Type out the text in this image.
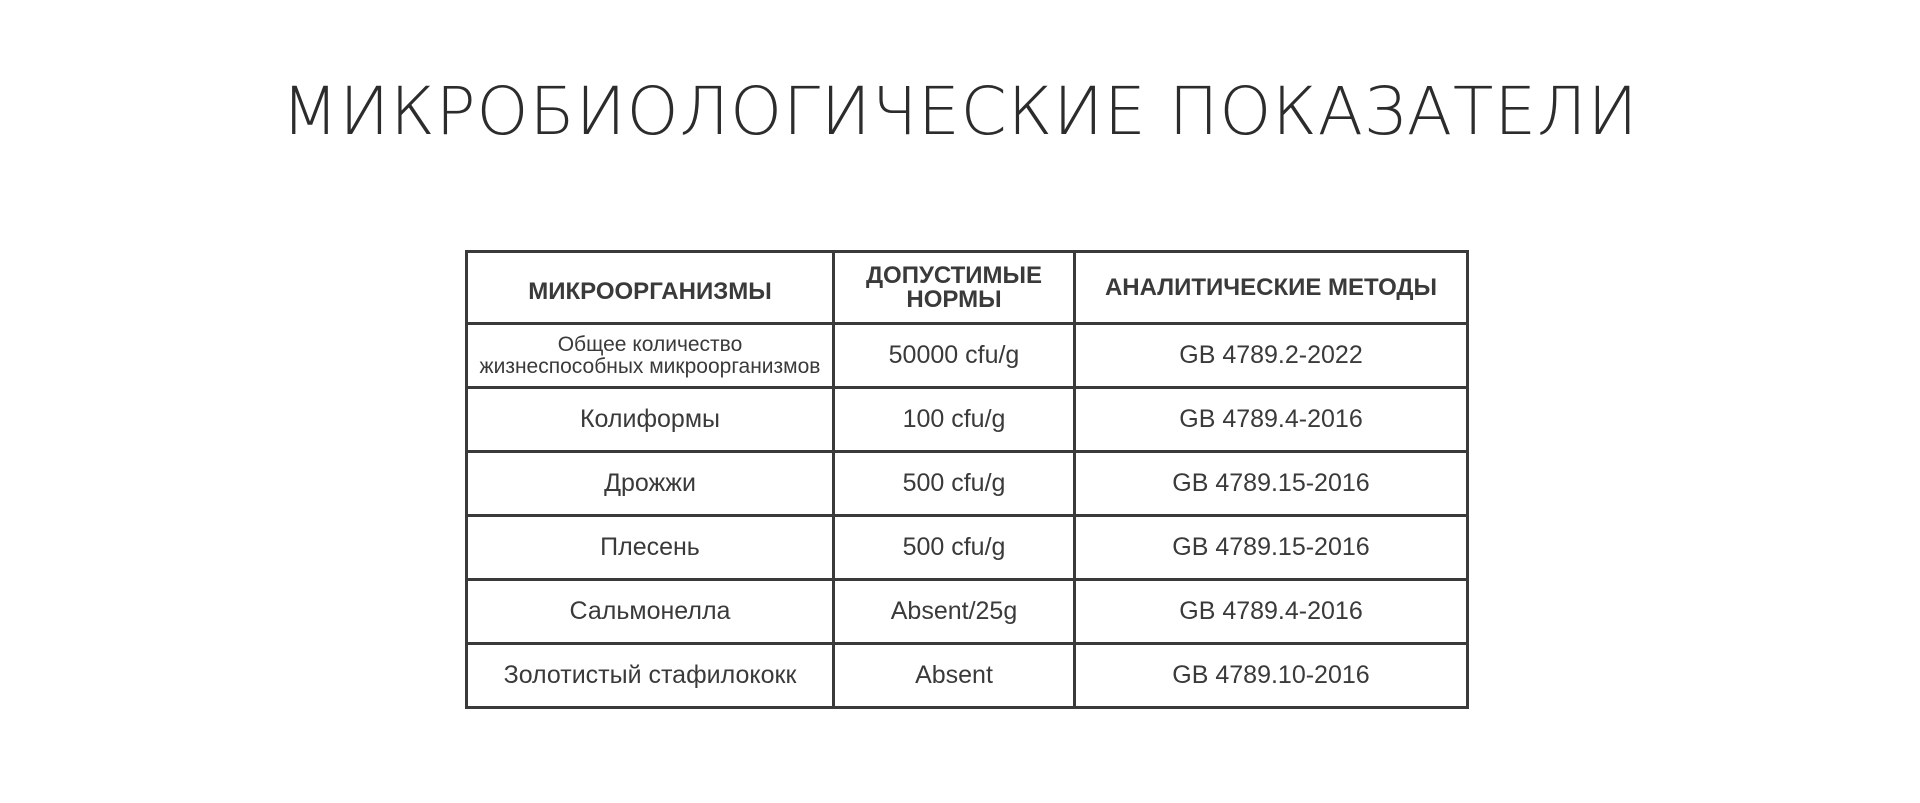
МИКРОБИОЛОГИЧЕСКИЕ ПОКАЗАТЕЛИ
МИКРООРГАНИЗМЫ	ДОПУСТИМЫЕ НОРМЫ	АНАЛИТИЧЕСКИЕ МЕТОДЫ
Общее количество жизнеспособных микроорганизмов	50000 cfu/g	GB 4789.2-2022
Колиформы	100 cfu/g	GB 4789.4-2016
Дрожжи	500 cfu/g	GB 4789.15-2016
Плесень	500 cfu/g	GB 4789.15-2016
Сальмонелла	Absent/25g	GB 4789.4-2016
Золотистый стафилококк	Absent	GB 4789.10-2016
